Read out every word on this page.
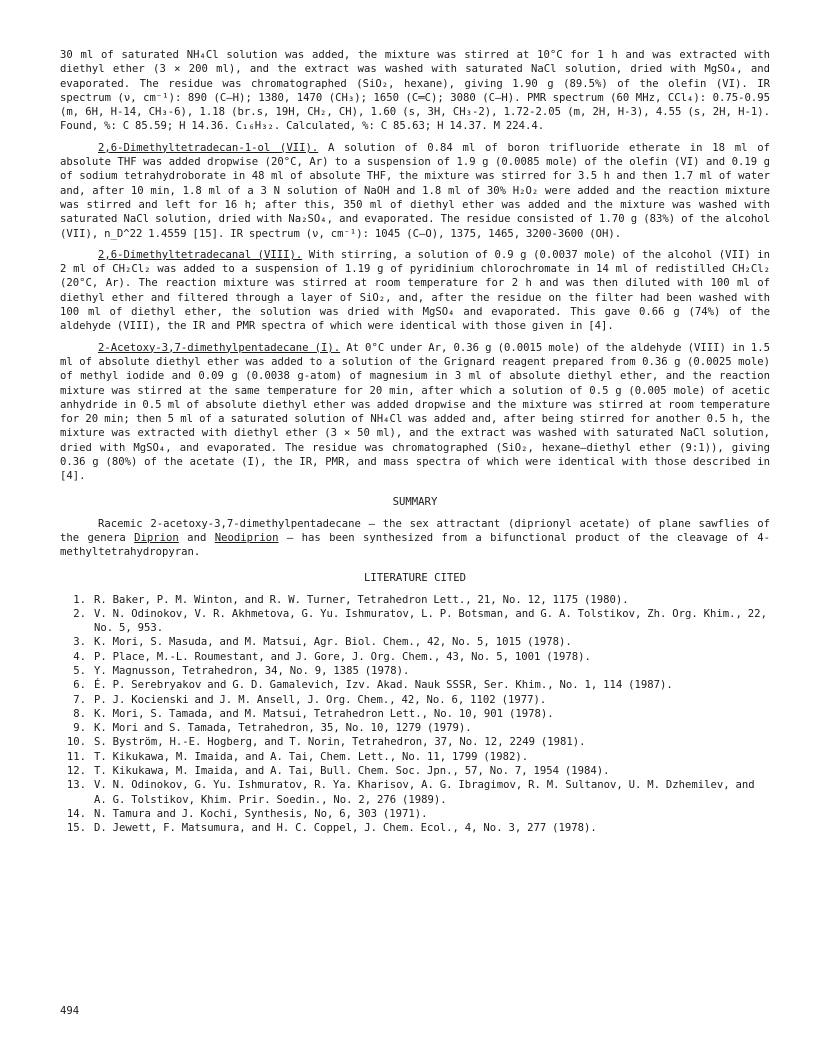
30 ml of saturated NH₄Cl solution was added, the mixture was stirred at 10°C for 1 h and was extracted with diethyl ether (3 × 200 ml), and the extract was washed with saturated NaCl solution, dried with MgSO₄, and evaporated. The residue was chromatographed (SiO₂, hexane), giving 1.90 g (89.5%) of the olefin (VI). IR spectrum (ν, cm⁻¹): 890 (C—H); 1380, 1470 (CH₃); 1650 (C═C); 3080 (C—H). PMR spectrum (60 MHz, CCl₄): 0.75-0.95 (m, 6H, H-14, CH₃-6), 1.18 (br.s, 19H, CH₂, CH), 1.60 (s, 3H, CH₃-2), 1.72-2.05 (m, 2H, H-3), 4.55 (s, 2H, H-1). Found, %: C 85.59; H 14.36. C₁₆H₃₂. Calculated, %: C 85.63; H 14.37. M 224.4.

2,6-Dimethyltetradecan-1-ol (VII). A solution of 0.84 ml of boron trifluoride etherate in 18 ml of absolute THF was added dropwise (20°C, Ar) to a suspension of 1.9 g (0.0085 mole) of the olefin (VI) and 0.19 g of sodium tetrahydroborate in 48 ml of absolute THF, the mixture was stirred for 3.5 h and then 1.7 ml of water and, after 10 min, 1.8 ml of a 3 N solution of NaOH and 1.8 ml of 30% H₂O₂ were added and the reaction mixture was stirred and left for 16 h; after this, 350 ml of diethyl ether was added and the mixture was washed with saturated NaCl solution, dried with Na₂SO₄, and evaporated. The residue consisted of 1.70 g (83%) of the alcohol (VII), n_D^22 1.4559 [15]. IR spectrum (ν, cm⁻¹): 1045 (C—O), 1375, 1465, 3200-3600 (OH).

2,6-Dimethyltetradecanal (VIII). With stirring, a solution of 0.9 g (0.0037 mole) of the alcohol (VII) in 2 ml of CH₂Cl₂ was added to a suspension of 1.19 g of pyridinium chlorochromate in 14 ml of redistilled CH₂Cl₂ (20°C, Ar). The reaction mixture was stirred at room temperature for 2 h and was then diluted with 100 ml of diethyl ether and filtered through a layer of SiO₂, and, after the residue on the filter had been washed with 100 ml of diethyl ether, the solution was dried with MgSO₄ and evaporated. This gave 0.66 g (74%) of the aldehyde (VIII), the IR and PMR spectra of which were identical with those given in [4].

2-Acetoxy-3,7-dimethylpentadecane (I). At 0°C under Ar, 0.36 g (0.0015 mole) of the aldehyde (VIII) in 1.5 ml of absolute diethyl ether was added to a solution of the Grignard reagent prepared from 0.36 g (0.0025 mole) of methyl iodide and 0.09 g (0.0038 g-atom) of magnesium in 3 ml of absolute diethyl ether, and the reaction mixture was stirred at the same temperature for 20 min, after which a solution of 0.5 g (0.005 mole) of acetic anhydride in 0.5 ml of absolute diethyl ether was added dropwise and the mixture was stirred at room temperature for 20 min; then 5 ml of a saturated solution of NH₄Cl was added and, after being stirred for another 0.5 h, the mixture was extracted with diethyl ether (3 × 50 ml), and the extract was washed with saturated NaCl solution, dried with MgSO₄, and evaporated. The residue was chromatographed (SiO₂, hexane—diethyl ether (9:1)), giving 0.36 g (80%) of the acetate (I), the IR, PMR, and mass spectra of which were identical with those described in [4].

SUMMARY

Racemic 2-acetoxy-3,7-dimethylpentadecane — the sex attractant (diprionyl acetate) of plane sawflies of the genera Diprion and Neodiprion — has been synthesized from a bifunctional product of the cleavage of 4-methyltetrahydropyran.

LITERATURE CITED
1. R. Baker, P. M. Winton, and R. W. Turner, Tetrahedron Lett., 21, No. 12, 1175 (1980).
2. V. N. Odinokov, V. R. Akhmetova, G. Yu. Ishmuratov, L. P. Botsman, and G. A. Tolstikov, Zh. Org. Khim., 22, No. 5, 953.
3. K. Mori, S. Masuda, and M. Matsui, Agr. Biol. Chem., 42, No. 5, 1015 (1978).
4. P. Place, M.-L. Roumestant, and J. Gore, J. Org. Chem., 43, No. 5, 1001 (1978).
5. Y. Magnusson, Tetrahedron, 34, No. 9, 1385 (1978).
6. É. P. Serebryakov and G. D. Gamalevich, Izv. Akad. Nauk SSSR, Ser. Khim., No. 1, 114 (1987).
7. P. J. Kocienski and J. M. Ansell, J. Org. Chem., 42, No. 6, 1102 (1977).
8. K. Mori, S. Tamada, and M. Matsui, Tetrahedron Lett., No. 10, 901 (1978).
9. K. Mori and S. Tamada, Tetrahedron, 35, No. 10, 1279 (1979).
10. S. Byström, H.-E. Hogberg, and T. Norin, Tetrahedron, 37, No. 12, 2249 (1981).
11. T. Kikukawa, M. Imaida, and A. Tai, Chem. Lett., No. 11, 1799 (1982).
12. T. Kikukawa, M. Imaida, and A. Tai, Bull. Chem. Soc. Jpn., 57, No. 7, 1954 (1984).
13. V. N. Odinokov, G. Yu. Ishmuratov, R. Ya. Kharisov, A. G. Ibragimov, R. M. Sultanov, U. M. Dzhemilev, and A. G. Tolstikov, Khim. Prir. Soedin., No. 2, 276 (1989).
14. N. Tamura and J. Kochi, Synthesis, No, 6, 303 (1971).
15. D. Jewett, F. Matsumura, and H. C. Coppel, J. Chem. Ecol., 4, No. 3, 277 (1978).
494
